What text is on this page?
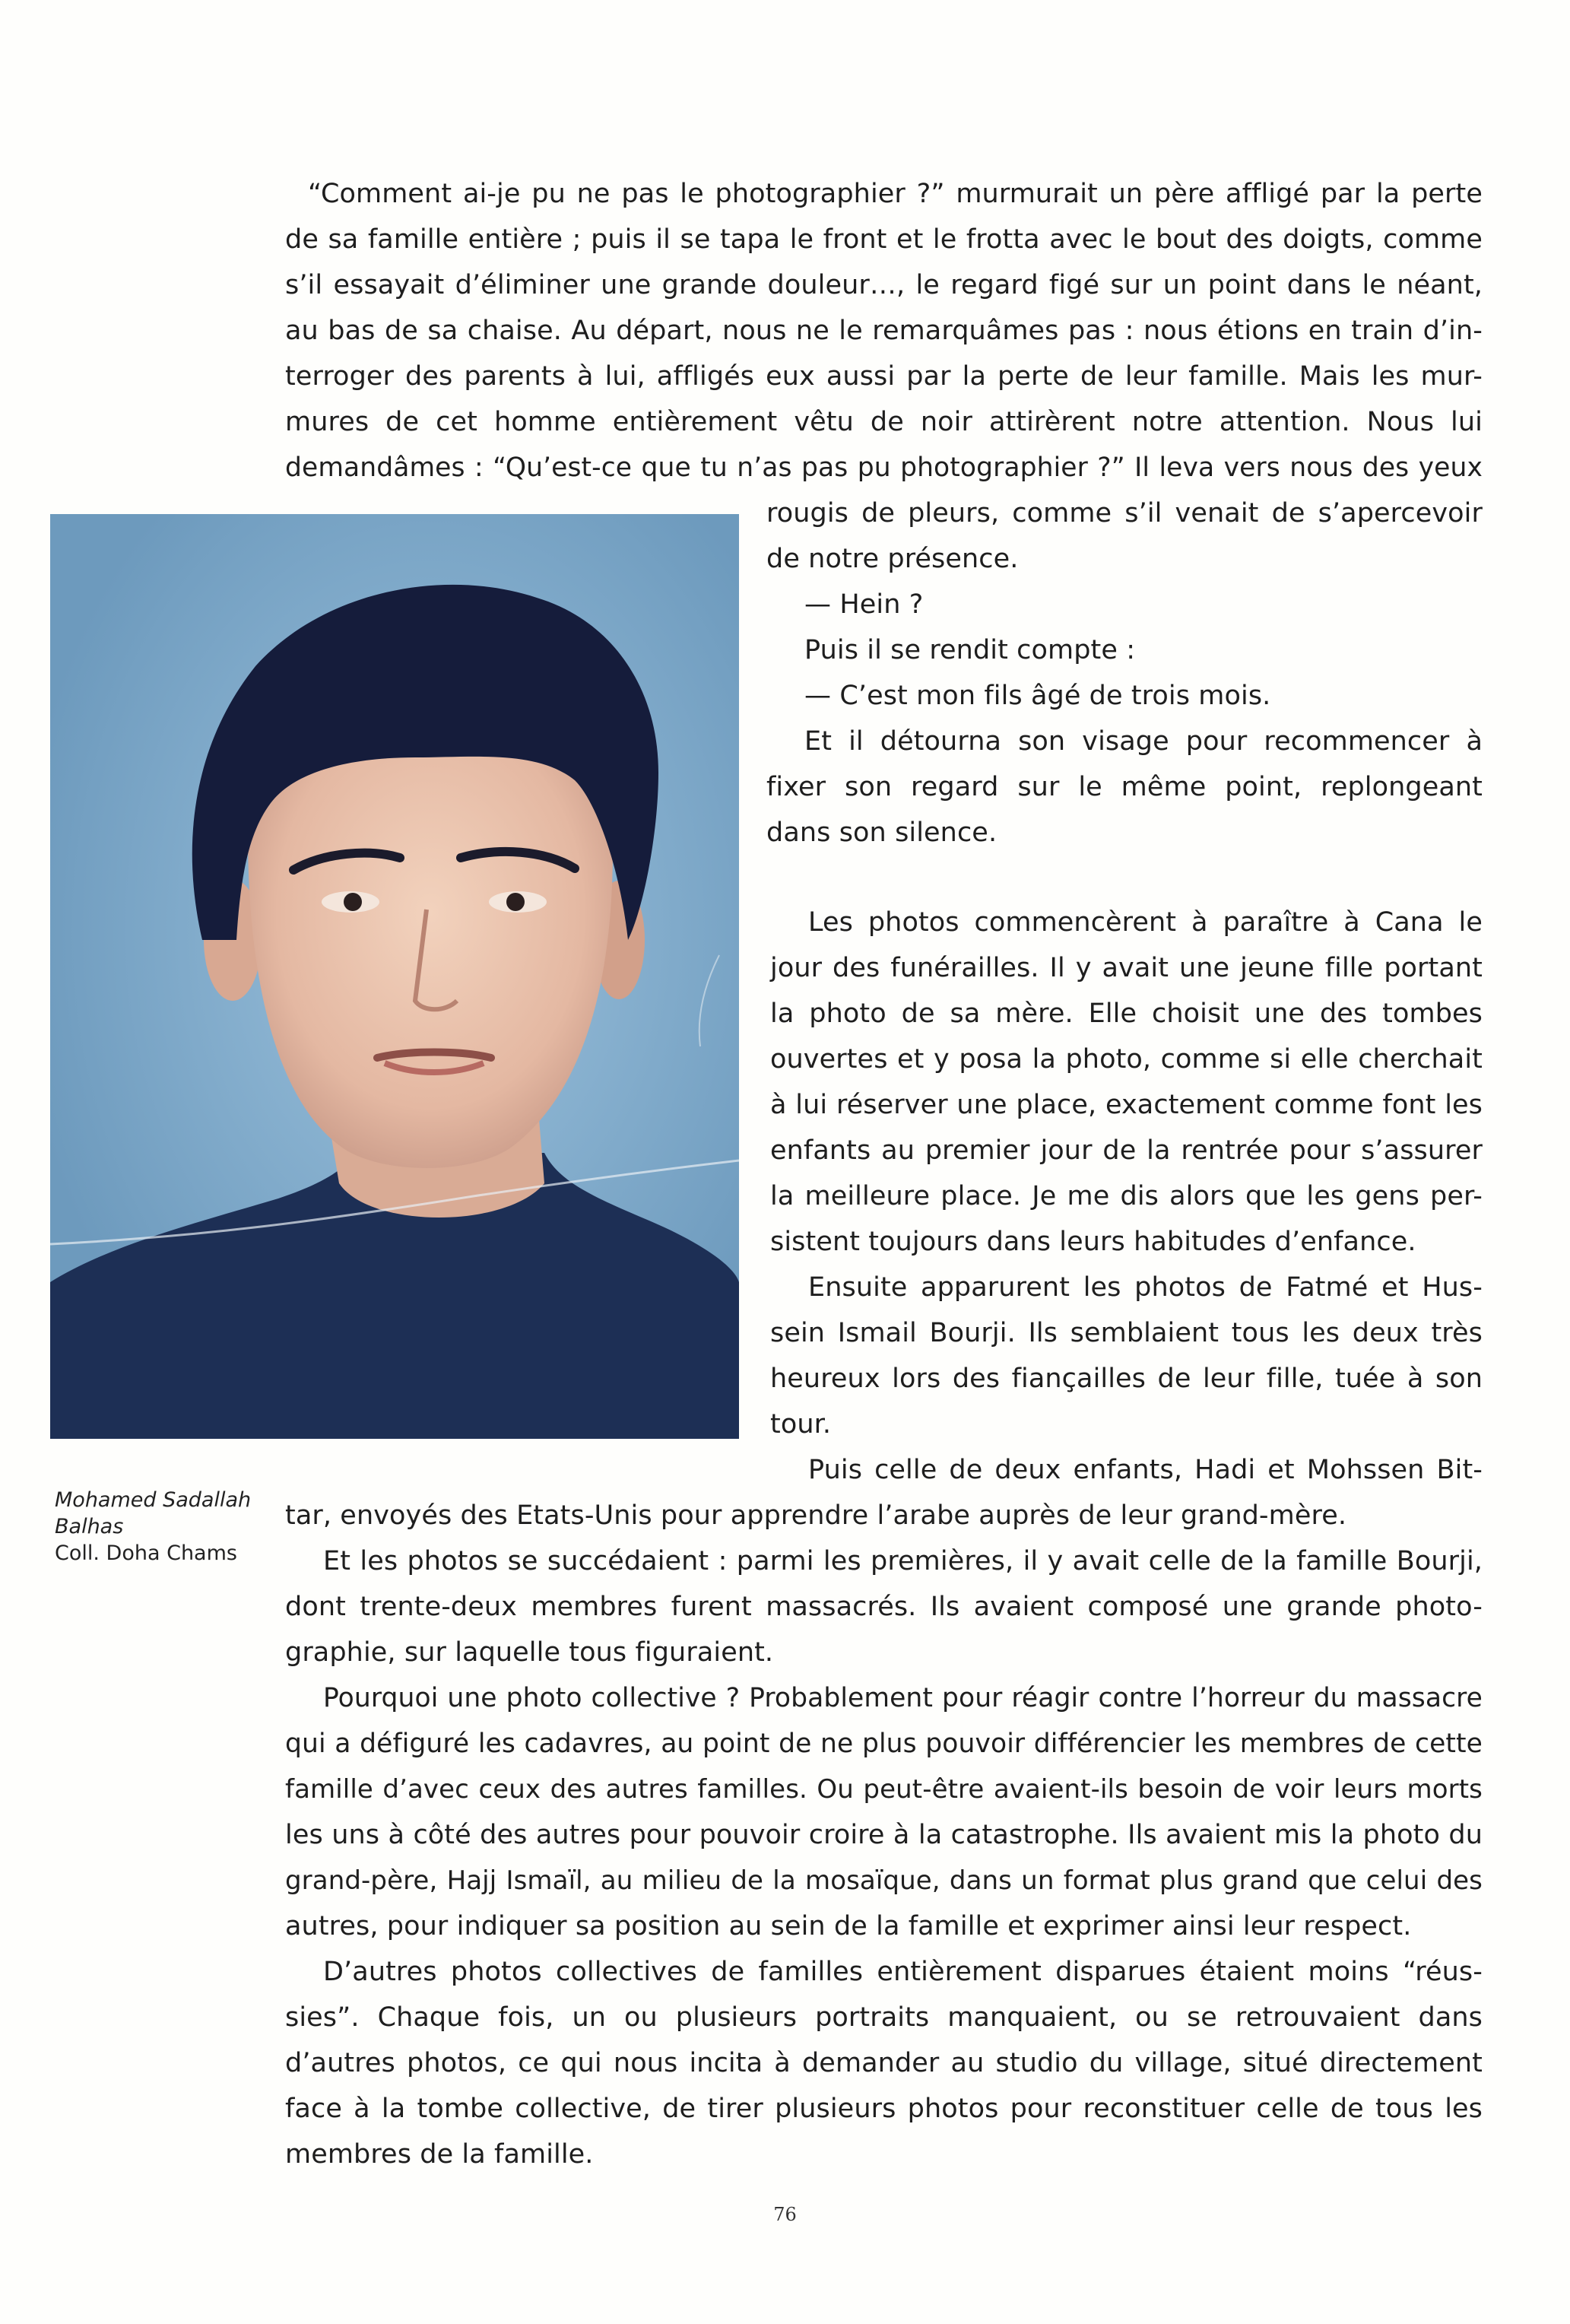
“Comment ai-je pu ne pas le photographier ?” murmurait un père affligé par la perte

de sa famille entière ; puis il se tapa le front et le frotta avec le bout des doigts, comme

s’il essayait d’éliminer une grande douleur…, le regard figé sur un point dans le néant,

au bas de sa chaise. Au départ, nous ne le remarquâmes pas : nous étions en train d’in-

terroger des parents à lui, affligés eux aussi par la perte de leur famille. Mais les mur-

mures de cet homme entièrement vêtu de noir attirèrent notre attention. Nous lui

demandâmes : “Qu’est-ce que tu n’as pas pu photographier ?” Il leva vers nous des yeux

rougis de pleurs, comme s’il venait de s’apercevoir

de notre présence.

— Hein ?

Puis il se rendit compte :

— C’est mon fils âgé de trois mois.

Et il détourna son visage pour recommencer à

fixer son regard sur le même point, replongeant

dans son silence.

Les photos commencèrent à paraître à Cana le

jour des funérailles. Il y avait une jeune fille portant

la photo de sa mère. Elle choisit une des tombes

ouvertes et y posa la photo, comme si elle cherchait

à lui réserver une place, exactement comme font les

enfants au premier jour de la rentrée pour s’assurer

la meilleure place. Je me dis alors que les gens per-

sistent toujours dans leurs habitudes d’enfance.

Ensuite apparurent les photos de Fatmé et Hus-

sein Ismail Bourji. Ils semblaient tous les deux très

heureux lors des fiançailles de leur fille, tuée à son

tour.

Puis celle de deux enfants, Hadi et Mohssen Bit-

tar, envoyés des Etats-Unis pour apprendre l’arabe auprès de leur grand-mère.

Et les photos se succédaient : parmi les premières, il y avait celle de la famille Bourji,

dont trente-deux membres furent massacrés. Ils avaient composé une grande photo-

graphie, sur laquelle tous figuraient.

Pourquoi une photo collective ? Probablement pour réagir contre l’horreur du massacre

qui a défiguré les cadavres, au point de ne plus pouvoir différencier les membres de cette

famille d’avec ceux des autres familles. Ou peut-être avaient-ils besoin de voir leurs morts

les uns à côté des autres pour pouvoir croire à la catastrophe. Ils avaient mis la photo du

grand-père, Hajj Ismaïl, au milieu de la mosaïque, dans un format plus grand que celui des

autres, pour indiquer sa position au sein de la famille et exprimer ainsi leur respect.

D’autres photos collectives de familles entièrement disparues étaient moins “réus-

sies”. Chaque fois, un ou plusieurs portraits manquaient, ou se retrouvaient dans

d’autres photos, ce qui nous incita à demander au studio du village, situé directement

face à la tombe collective, de tirer plusieurs photos pour reconstituer celle de tous les

membres de la famille.

Mohamed Sadallah
Balhas
Coll. Doha Chams
76
